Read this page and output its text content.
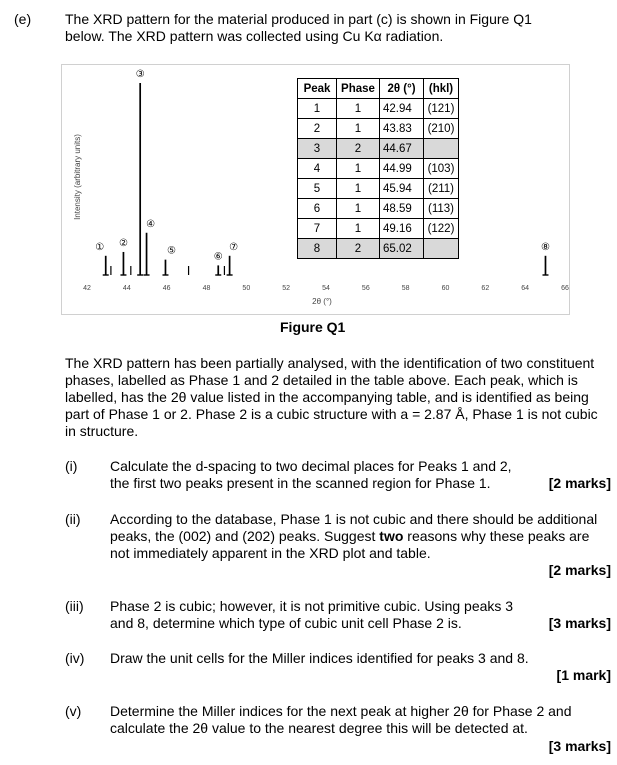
(e) The XRD pattern for the material produced in part (c) is shown in Figure Q1
below. The XRD pattern was collected using Cu Kα radiation.
42	44	46	48	50	52	54	56	58	60	62	64	66
① ②
③
④
⑤
⑥
⑦	⑧
Intensity (arbitrary units)
2θ (°)
Peak	Phase	2θ (°)	(hkl)
1	1	42.94	(121)
2	1	43.83	(210)
3	2	44.67	
4	1	44.99	(103)
5	1	45.94	(211)
6	1	48.59	(113)
7	1	49.16	(122)
8	2	65.02	
Figure Q1
The XRD pattern has been partially analysed, with the identification of two constituent phases, labelled as Phase 1 and 2 detailed in the table above. Each peak, which is labelled, has the 2θ value listed in the accompanying table, and is identified as being part of Phase 1 or 2. Phase 2 is a cubic structure with a = 2.87 Å, Phase 1 is not cubic in structure.
(i) Calculate the d-spacing to two decimal places for Peaks 1 and 2, the first two peaks present in the scanned region for Phase 1.	[2 marks]
(ii) According to the database, Phase 1 is not cubic and there should be additional peaks, the (002) and (202) peaks. Suggest two reasons why these peaks are not immediately apparent in the XRD plot and table.
[2 marks]
(iii) Phase 2 is cubic; however, it is not primitive cubic. Using peaks 3 and 8, determine which type of cubic unit cell Phase 2 is.	[3 marks]
(iv) Draw the unit cells for the Miller indices identified for peaks 3 and 8.
[1 mark]
(v) Determine the Miller indices for the next peak at higher 2θ for Phase 2 and calculate the 2θ value to the nearest degree this will be detected at.
[3 marks]
